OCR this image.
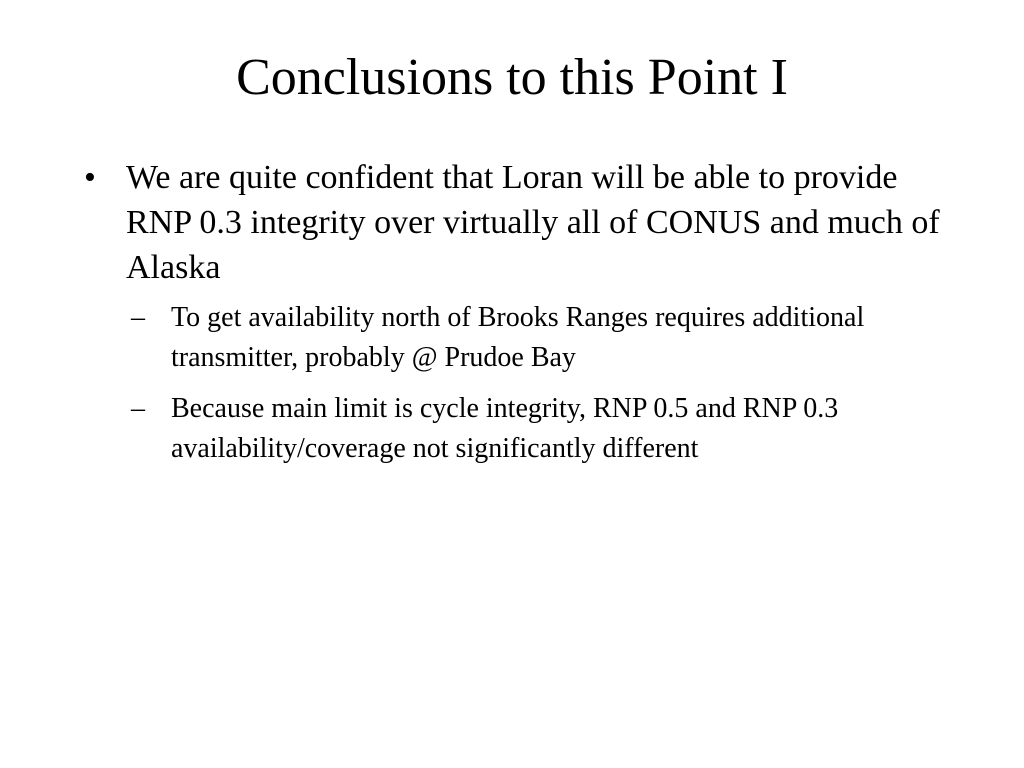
Conclusions to this Point I
• We are quite confident that Loran will be able to provide RNP 0.3 integrity over virtually all of CONUS and much of Alaska
– To get availability north of Brooks Ranges requires additional transmitter, probably @ Prudoe Bay
– Because main limit is cycle integrity, RNP 0.5 and RNP 0.3 availability/coverage not significantly different
